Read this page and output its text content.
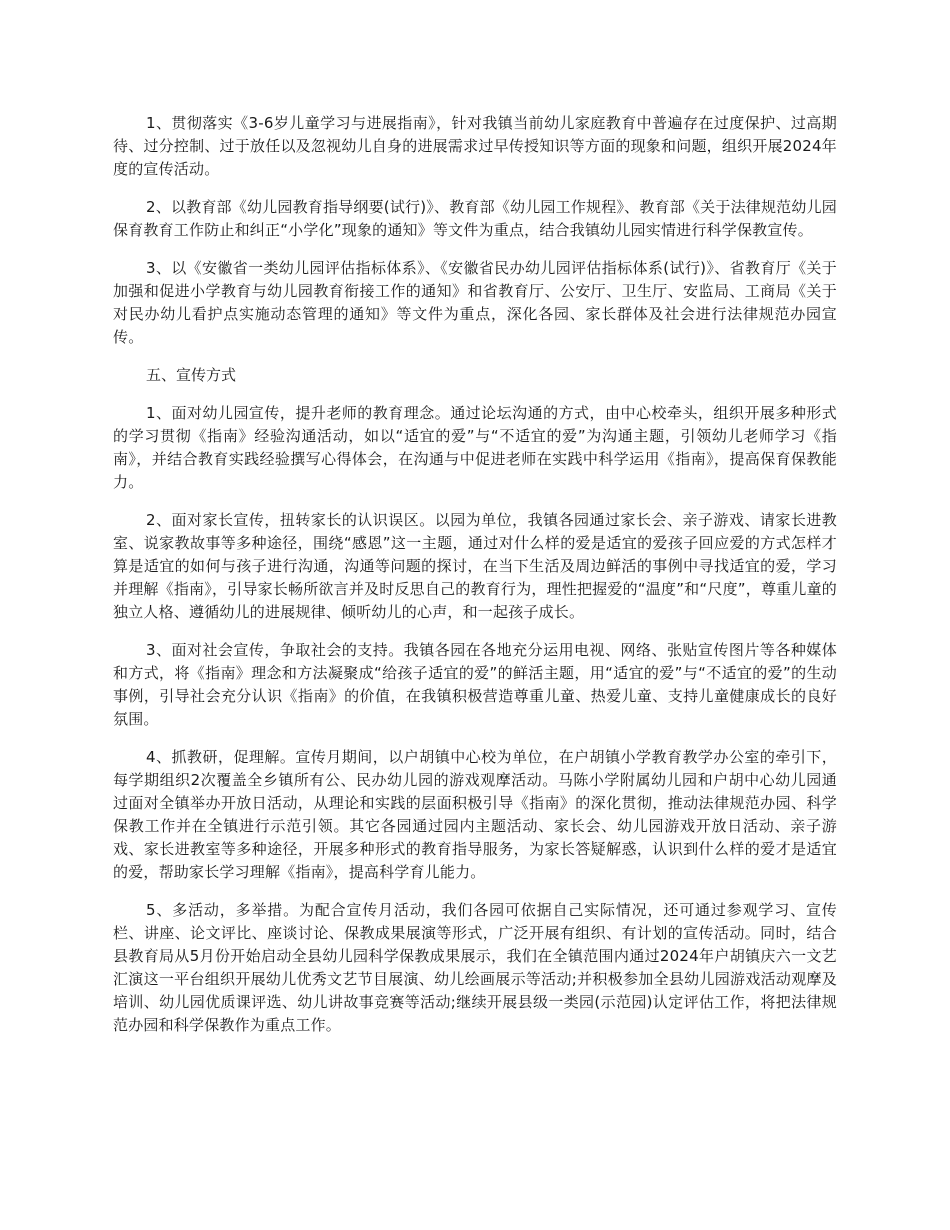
1、贯彻落实《3-6岁儿童学习与进展指南》，针对我镇当前幼儿家庭教育中普遍存在过度保护、过高期待、过分控制、过于放任以及忽视幼儿自身的进展需求过早传授知识等方面的现象和问题，组织开展2024年度的宣传活动。

2、以教育部《幼儿园教育指导纲要(试行)》、教育部《幼儿园工作规程》、教育部《关于法律规范幼儿园保育教育工作防止和纠正“小学化”现象的通知》等文件为重点，结合我镇幼儿园实情进行科学保教宣传。

3、以《安徽省一类幼儿园评估指标体系》、《安徽省民办幼儿园评估指标体系(试行)》、省教育厅《关于加强和促进小学教育与幼儿园教育衔接工作的通知》和省教育厅、公安厅、卫生厅、安监局、工商局《关于对民办幼儿看护点实施动态管理的通知》等文件为重点，深化各园、家长群体及社会进行法律规范办园宣传。

五、宣传方式

1、面对幼儿园宣传，提升老师的教育理念。通过论坛沟通的方式，由中心校牵头，组织开展多种形式的学习贯彻《指南》经验沟通活动，如以“适宜的爱”与“不适宜的爱”为沟通主题，引领幼儿老师学习《指南》，并结合教育实践经验撰写心得体会，在沟通与中促进老师在实践中科学运用《指南》，提高保育保教能力。

2、面对家长宣传，扭转家长的认识误区。以园为单位，我镇各园通过家长会、亲子游戏、请家长进教室、说家教故事等多种途径，围绕“感恩”这一主题，通过对什么样的爱是适宜的爱孩子回应爱的方式怎样才算是适宜的如何与孩子进行沟通，沟通等问题的探讨，在当下生活及周边鲜活的事例中寻找适宜的爱，学习并理解《指南》，引导家长畅所欲言并及时反思自己的教育行为，理性把握爱的“温度”和“尺度”，尊重儿童的独立人格、遵循幼儿的进展规律、倾听幼儿的心声，和一起孩子成长。

3、面对社会宣传，争取社会的支持。我镇各园在各地充分运用电视、网络、张贴宣传图片等各种媒体和方式，将《指南》理念和方法凝聚成“给孩子适宜的爱”的鲜活主题，用“适宜的爱”与“不适宜的爱”的生动事例，引导社会充分认识《指南》的价值，在我镇积极营造尊重儿童、热爱儿童、支持儿童健康成长的良好氛围。

4、抓教研，促理解。宣传月期间，以户胡镇中心校为单位，在户胡镇小学教育教学办公室的牵引下，每学期组织2次覆盖全乡镇所有公、民办幼儿园的游戏观摩活动。马陈小学附属幼儿园和户胡中心幼儿园通过面对全镇举办开放日活动，从理论和实践的层面积极引导《指南》的深化贯彻，推动法律规范办园、科学保教工作并在全镇进行示范引领。其它各园通过园内主题活动、家长会、幼儿园游戏开放日活动、亲子游戏、家长进教室等多种途径，开展多种形式的教育指导服务，为家长答疑解惑，认识到什么样的爱才是适宜的爱，帮助家长学习理解《指南》，提高科学育儿能力。

5、多活动，多举措。为配合宣传月活动，我们各园可依据自己实际情况，还可通过参观学习、宣传栏、讲座、论文评比、座谈讨论、保教成果展演等形式，广泛开展有组织、有计划的宣传活动。同时，结合县教育局从5月份开始启动全县幼儿园科学保教成果展示，我们在全镇范围内通过2024年户胡镇庆六一文艺汇演这一平台组织开展幼儿优秀文艺节目展演、幼儿绘画展示等活动;并积极参加全县幼儿园游戏活动观摩及培训、幼儿园优质课评选、幼儿讲故事竞赛等活动;继续开展县级一类园(示范园)认定评估工作，将把法律规范办园和科学保教作为重点工作。
